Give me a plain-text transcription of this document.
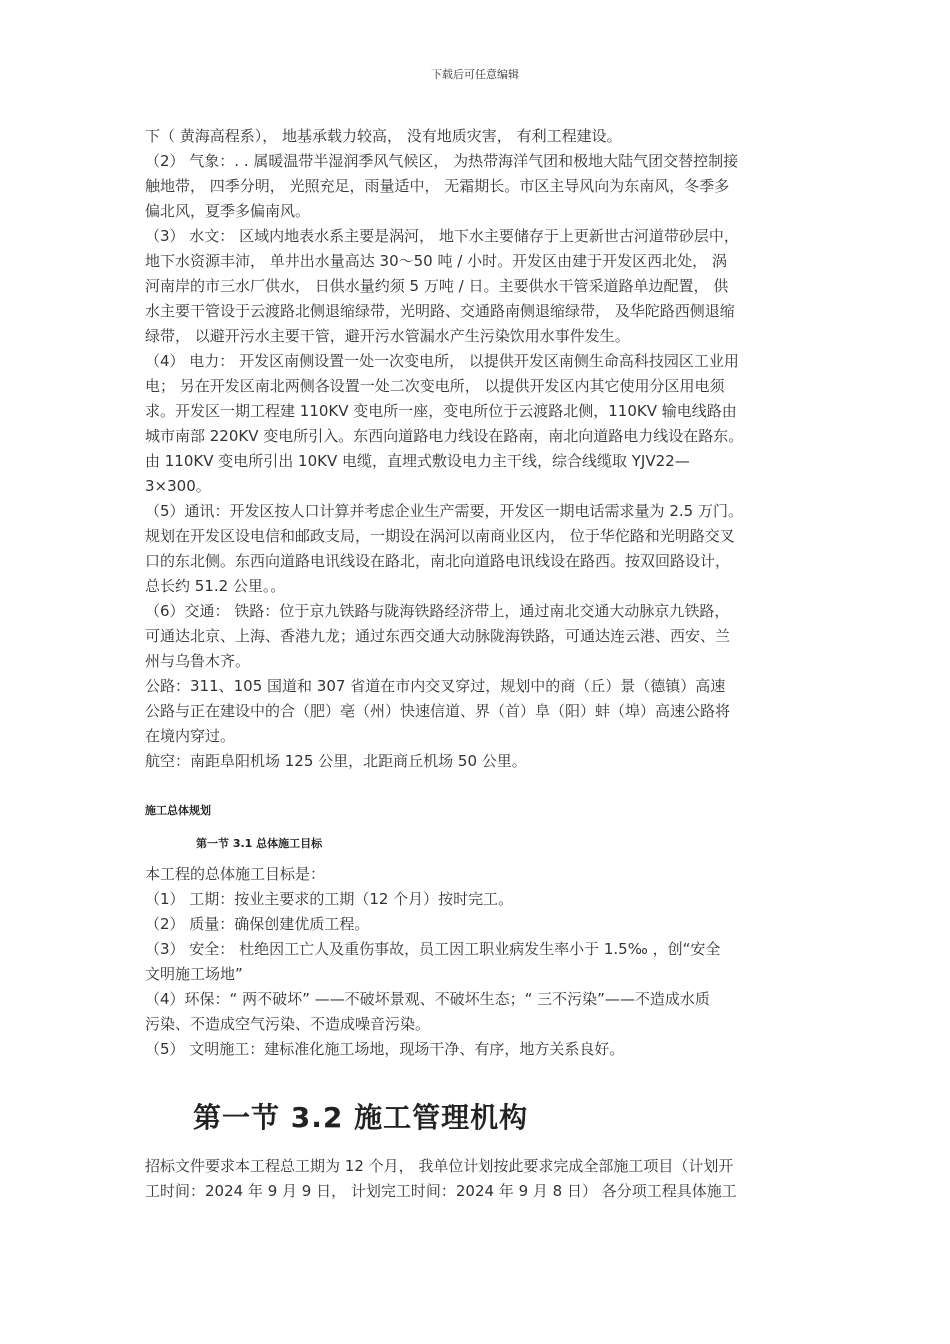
下载后可任意编辑

下（ 黄海高程系）， 地基承载力较高， 没有地质灾害， 有利工程建设。

（2） 气象：. . 属暖温带半湿润季风气候区， 为热带海洋气团和极地大陆气团交替控制接

触地带， 四季分明， 光照充足，雨量适中， 无霜期长。市区主导风向为东南风，冬季多

偏北风，夏季多偏南风。

（3） 水文： 区域内地表水系主要是涡河， 地下水主要储存于上更新世古河道带砂层中，

地下水资源丰沛， 单井出水量高达 30～50 吨 / 小时。开发区由建于开发区西北处， 涡

河南岸的市三水厂供水， 日供水量约须 5 万吨 / 日。主要供水干管采道路单边配置， 供

水主要干管设于云渡路北侧退缩绿带，光明路、交通路南侧退缩绿带， 及华陀路西侧退缩

绿带， 以避开污水主要干管，避开污水管漏水产生污染饮用水事件发生。

（4） 电力： 开发区南侧设置一处一次变电所， 以提供开发区南侧生命高科技园区工业用

电； 另在开发区南北两侧各设置一处二次变电所， 以提供开发区内其它使用分区用电须

求。开发区一期工程建 110KV 变电所一座，变电所位于云渡路北侧，110KV 输电线路由

城市南部 220KV 变电所引入。东西向道路电力线设在路南，南北向道路电力线设在路东。

由 110KV 变电所引出 10KV 电缆，直埋式敷设电力主干线，综合线缆取 YJV22—

3×300。

（5）通讯：开发区按人口计算并考虑企业生产需要，开发区一期电话需求量为 2.5 万门。

规划在开发区设电信和邮政支局，一期设在涡河以南商业区内， 位于华佗路和光明路交叉

口的东北侧。东西向道路电讯线设在路北，南北向道路电讯线设在路西。按双回路设计，

总长约 51.2 公里。。

（6）交通： 铁路：位于京九铁路与陇海铁路经济带上，通过南北交通大动脉京九铁路，

可通达北京、上海、香港九龙；通过东西交通大动脉陇海铁路，可通达连云港、西安、兰

州与乌鲁木齐。

公路：311、105 国道和 307 省道在市内交叉穿过，规划中的商（丘）景（德镇）高速

公路与正在建设中的合（肥）亳（州）快速信道、界（首）阜（阳）蚌（埠）高速公路将

在境内穿过。

航空：南距阜阳机场 125 公里，北距商丘机场 50 公里。

施工总体规划
第一节 3.1 总体施工目标

本工程的总体施工目标是：

（1） 工期：按业主要求的工期（12 个月）按时完工。

（2） 质量：确保创建优质工程。

（3） 安全： 杜绝因工亡人及重伤事故，员工因工职业病发生率小于 1.5‰ ，创“安全

文明施工场地”

（4）环保：“ 两不破坏” ——不破坏景观、不破坏生态；“ 三不污染”——不造成水质

污染、不造成空气污染、不造成噪音污染。

（5） 文明施工：建标准化施工场地，现场干净、有序，地方关系良好。

第一节 3.2 施工管理机构

招标文件要求本工程总工期为 12 个月， 我单位计划按此要求完成全部施工项目（计划开

工时间：2024 年 9 月 9 日， 计划完工时间：2024 年 9 月 8 日） 各分项工程具体施工
